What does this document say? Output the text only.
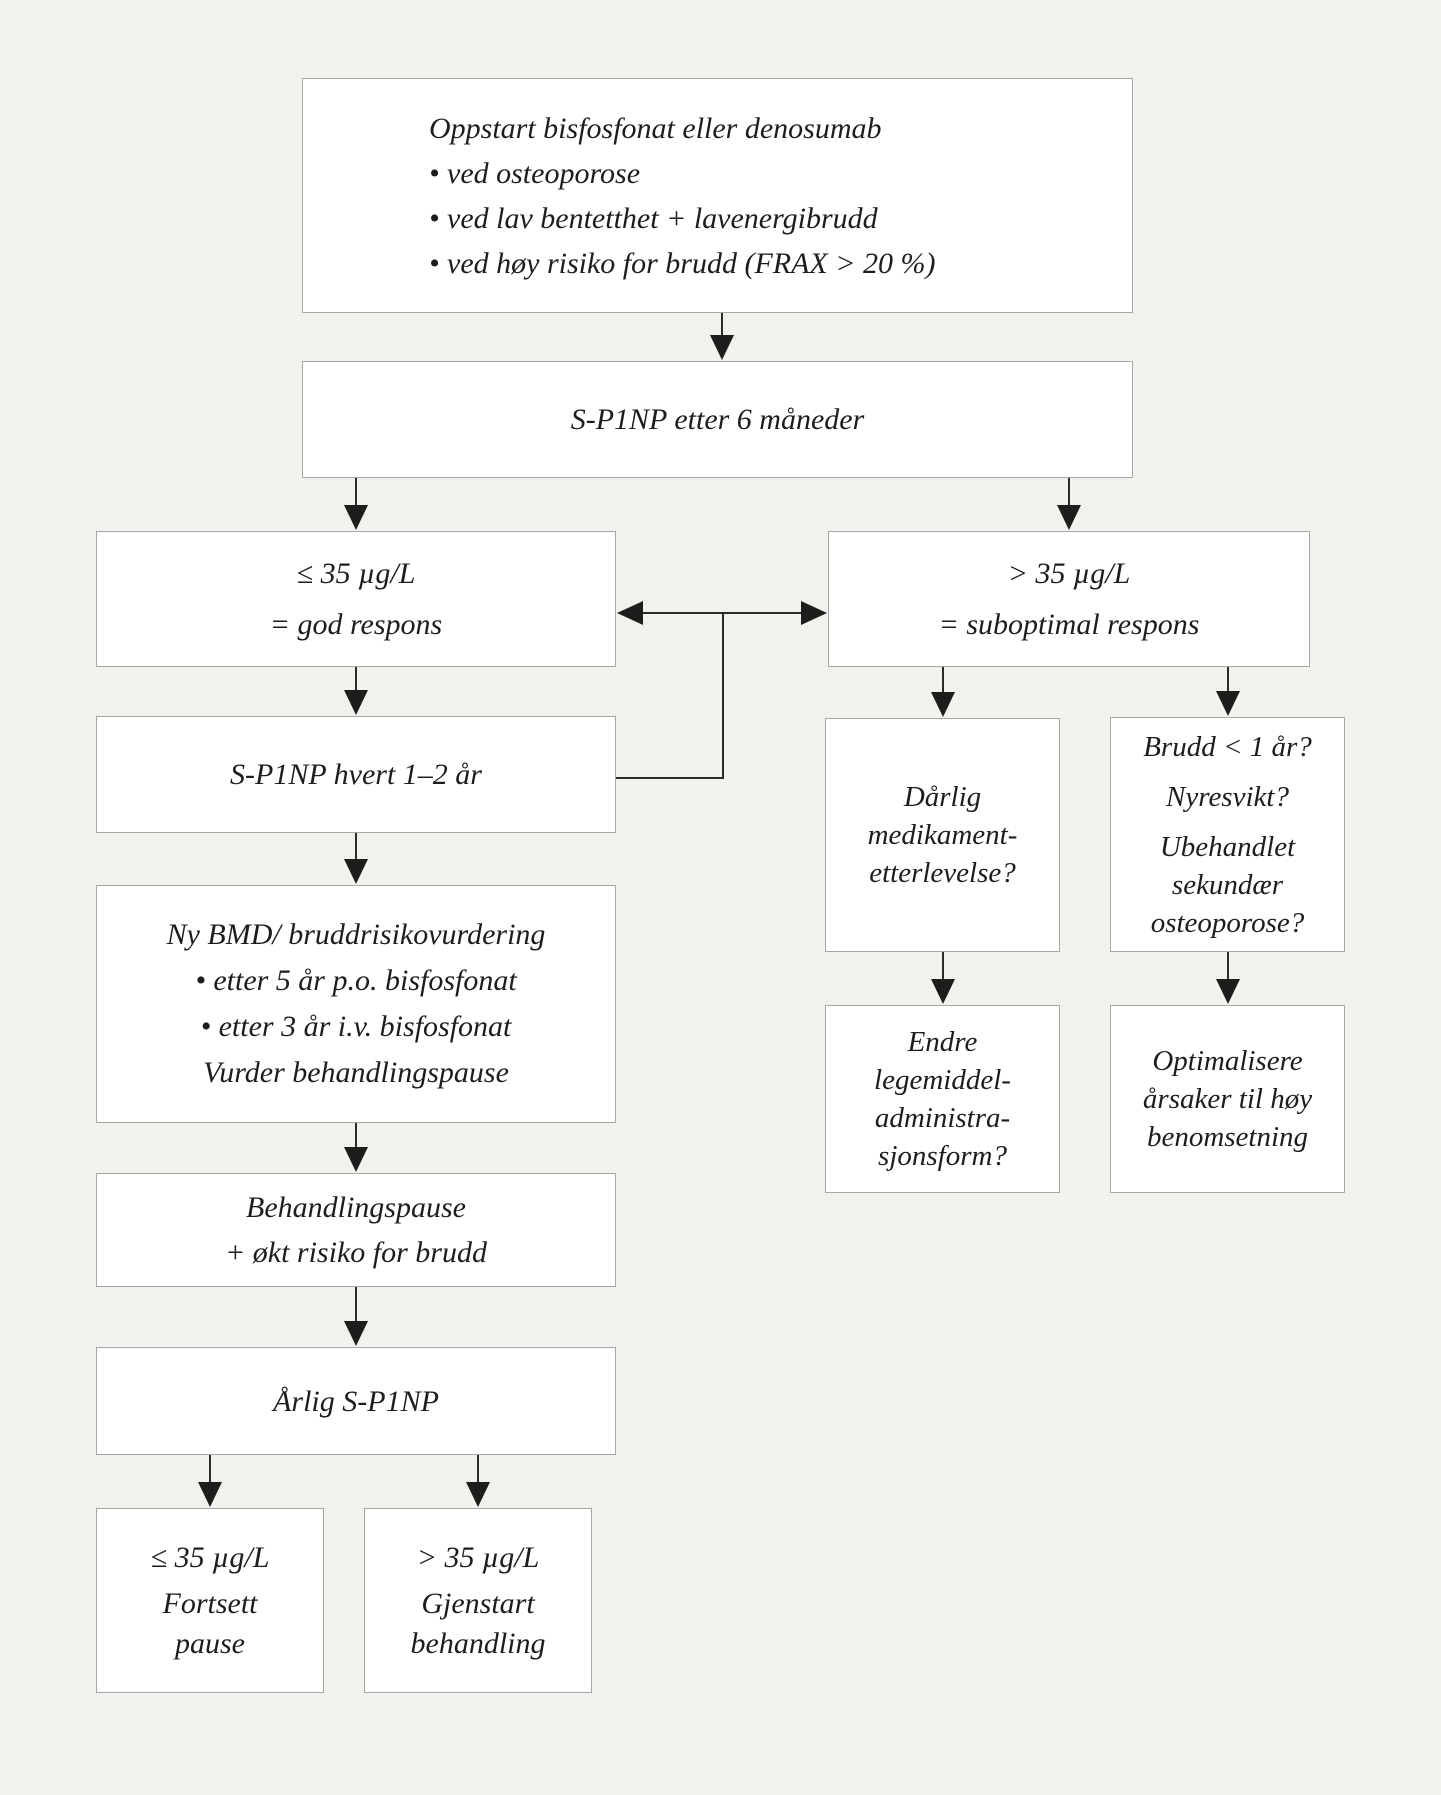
Oppstart bisfosfonat eller denosumab
• ved osteoporose
• ved lav bentetthet + lavenergibrudd
• ved høy risiko for brudd (FRAX > 20 %)
S-P1NP etter 6 måneder
≤ 35 µg/L
= god respons
> 35 µg/L
= suboptimal respons
S-P1NP hvert 1–2 år
Ny BMD/ bruddrisikovurdering
• etter 5 år p.o. bisfosfonat
• etter 3 år i.v. bisfosfonat
Vurder behandlingspause
Behandlingspause
+ økt risiko for brudd
Årlig S-P1NP
≤ 35 µg/L
Fortsett
pause
> 35 µg/L
Gjenstart
behandling
Dårlig
medikament-
etterlevelse?
Brudd < 1 år?
Nyresvikt?
Ubehandlet
sekundær
osteoporose?
Endre
legemiddel-
administra-
sjonsform?
Optimalisere
årsaker til høy
benomsetning
